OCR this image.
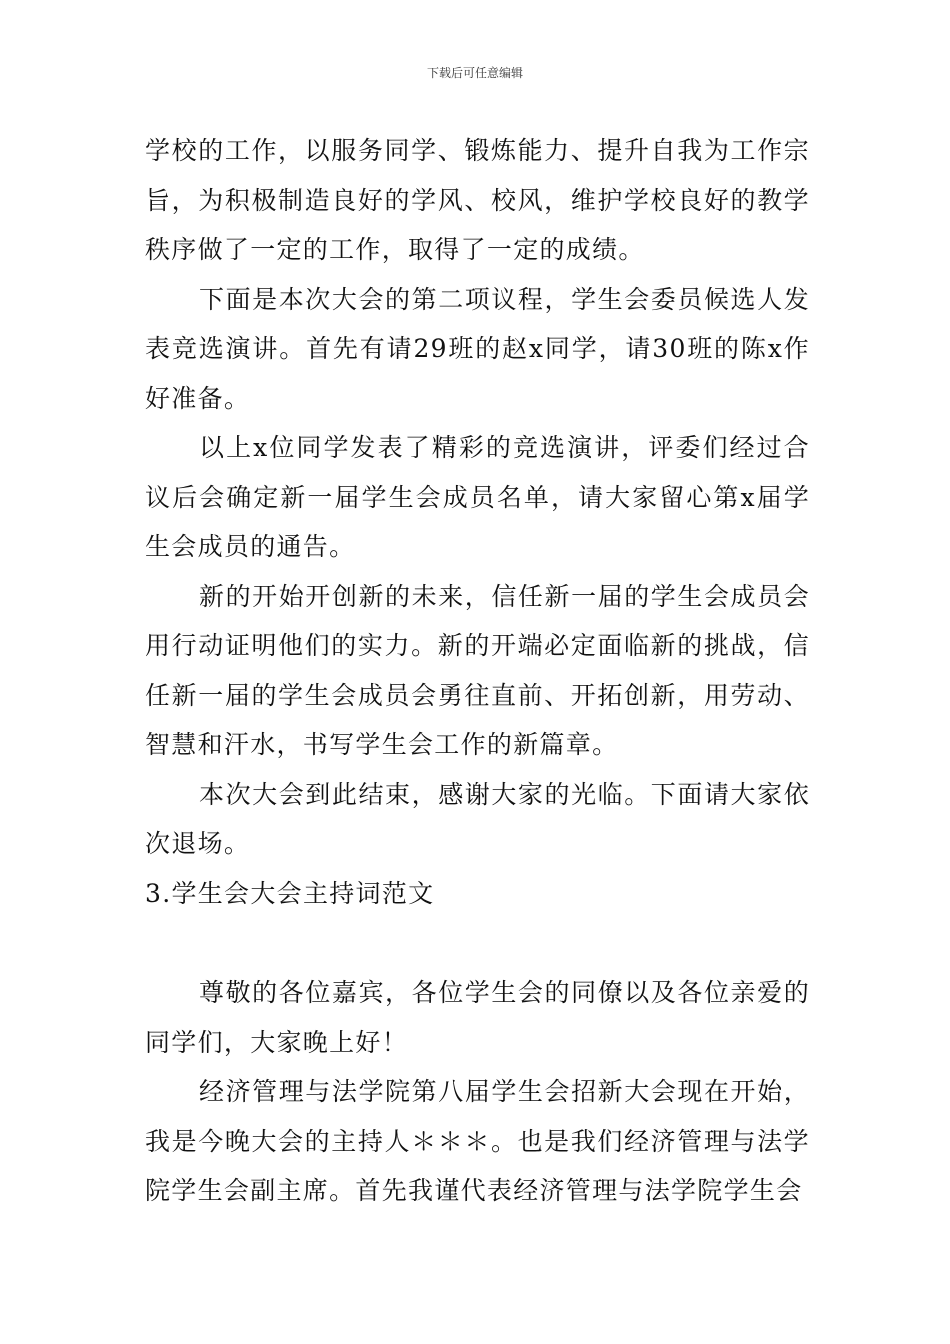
下载后可任意编辑

学校的工作，以服务同学、锻炼能力、提升自我为工作宗旨，为积极制造良好的学风、校风，维护学校良好的教学秩序做了一定的工作，取得了一定的成绩。

下面是本次大会的第二项议程，学生会委员候选人发表竞选演讲。首先有请29班的赵x同学，请30班的陈x作好准备。

以上x位同学发表了精彩的竞选演讲，评委们经过合议后会确定新一届学生会成员名单，请大家留心第x届学生会成员的通告。

新的开始开创新的未来，信任新一届的学生会成员会用行动证明他们的实力。新的开端必定面临新的挑战，信任新一届的学生会成员会勇往直前、开拓创新，用劳动、智慧和汗水，书写学生会工作的新篇章。

本次大会到此结束，感谢大家的光临。下面请大家依次退场。

3.学生会大会主持词范文

尊敬的各位嘉宾，各位学生会的同僚以及各位亲爱的同学们，大家晚上好！

经济管理与法学院第八届学生会招新大会现在开始，我是今晚大会的主持人＊＊＊。也是我们经济管理与法学院学生会副主席。首先我谨代表经济管理与法学院学生会
